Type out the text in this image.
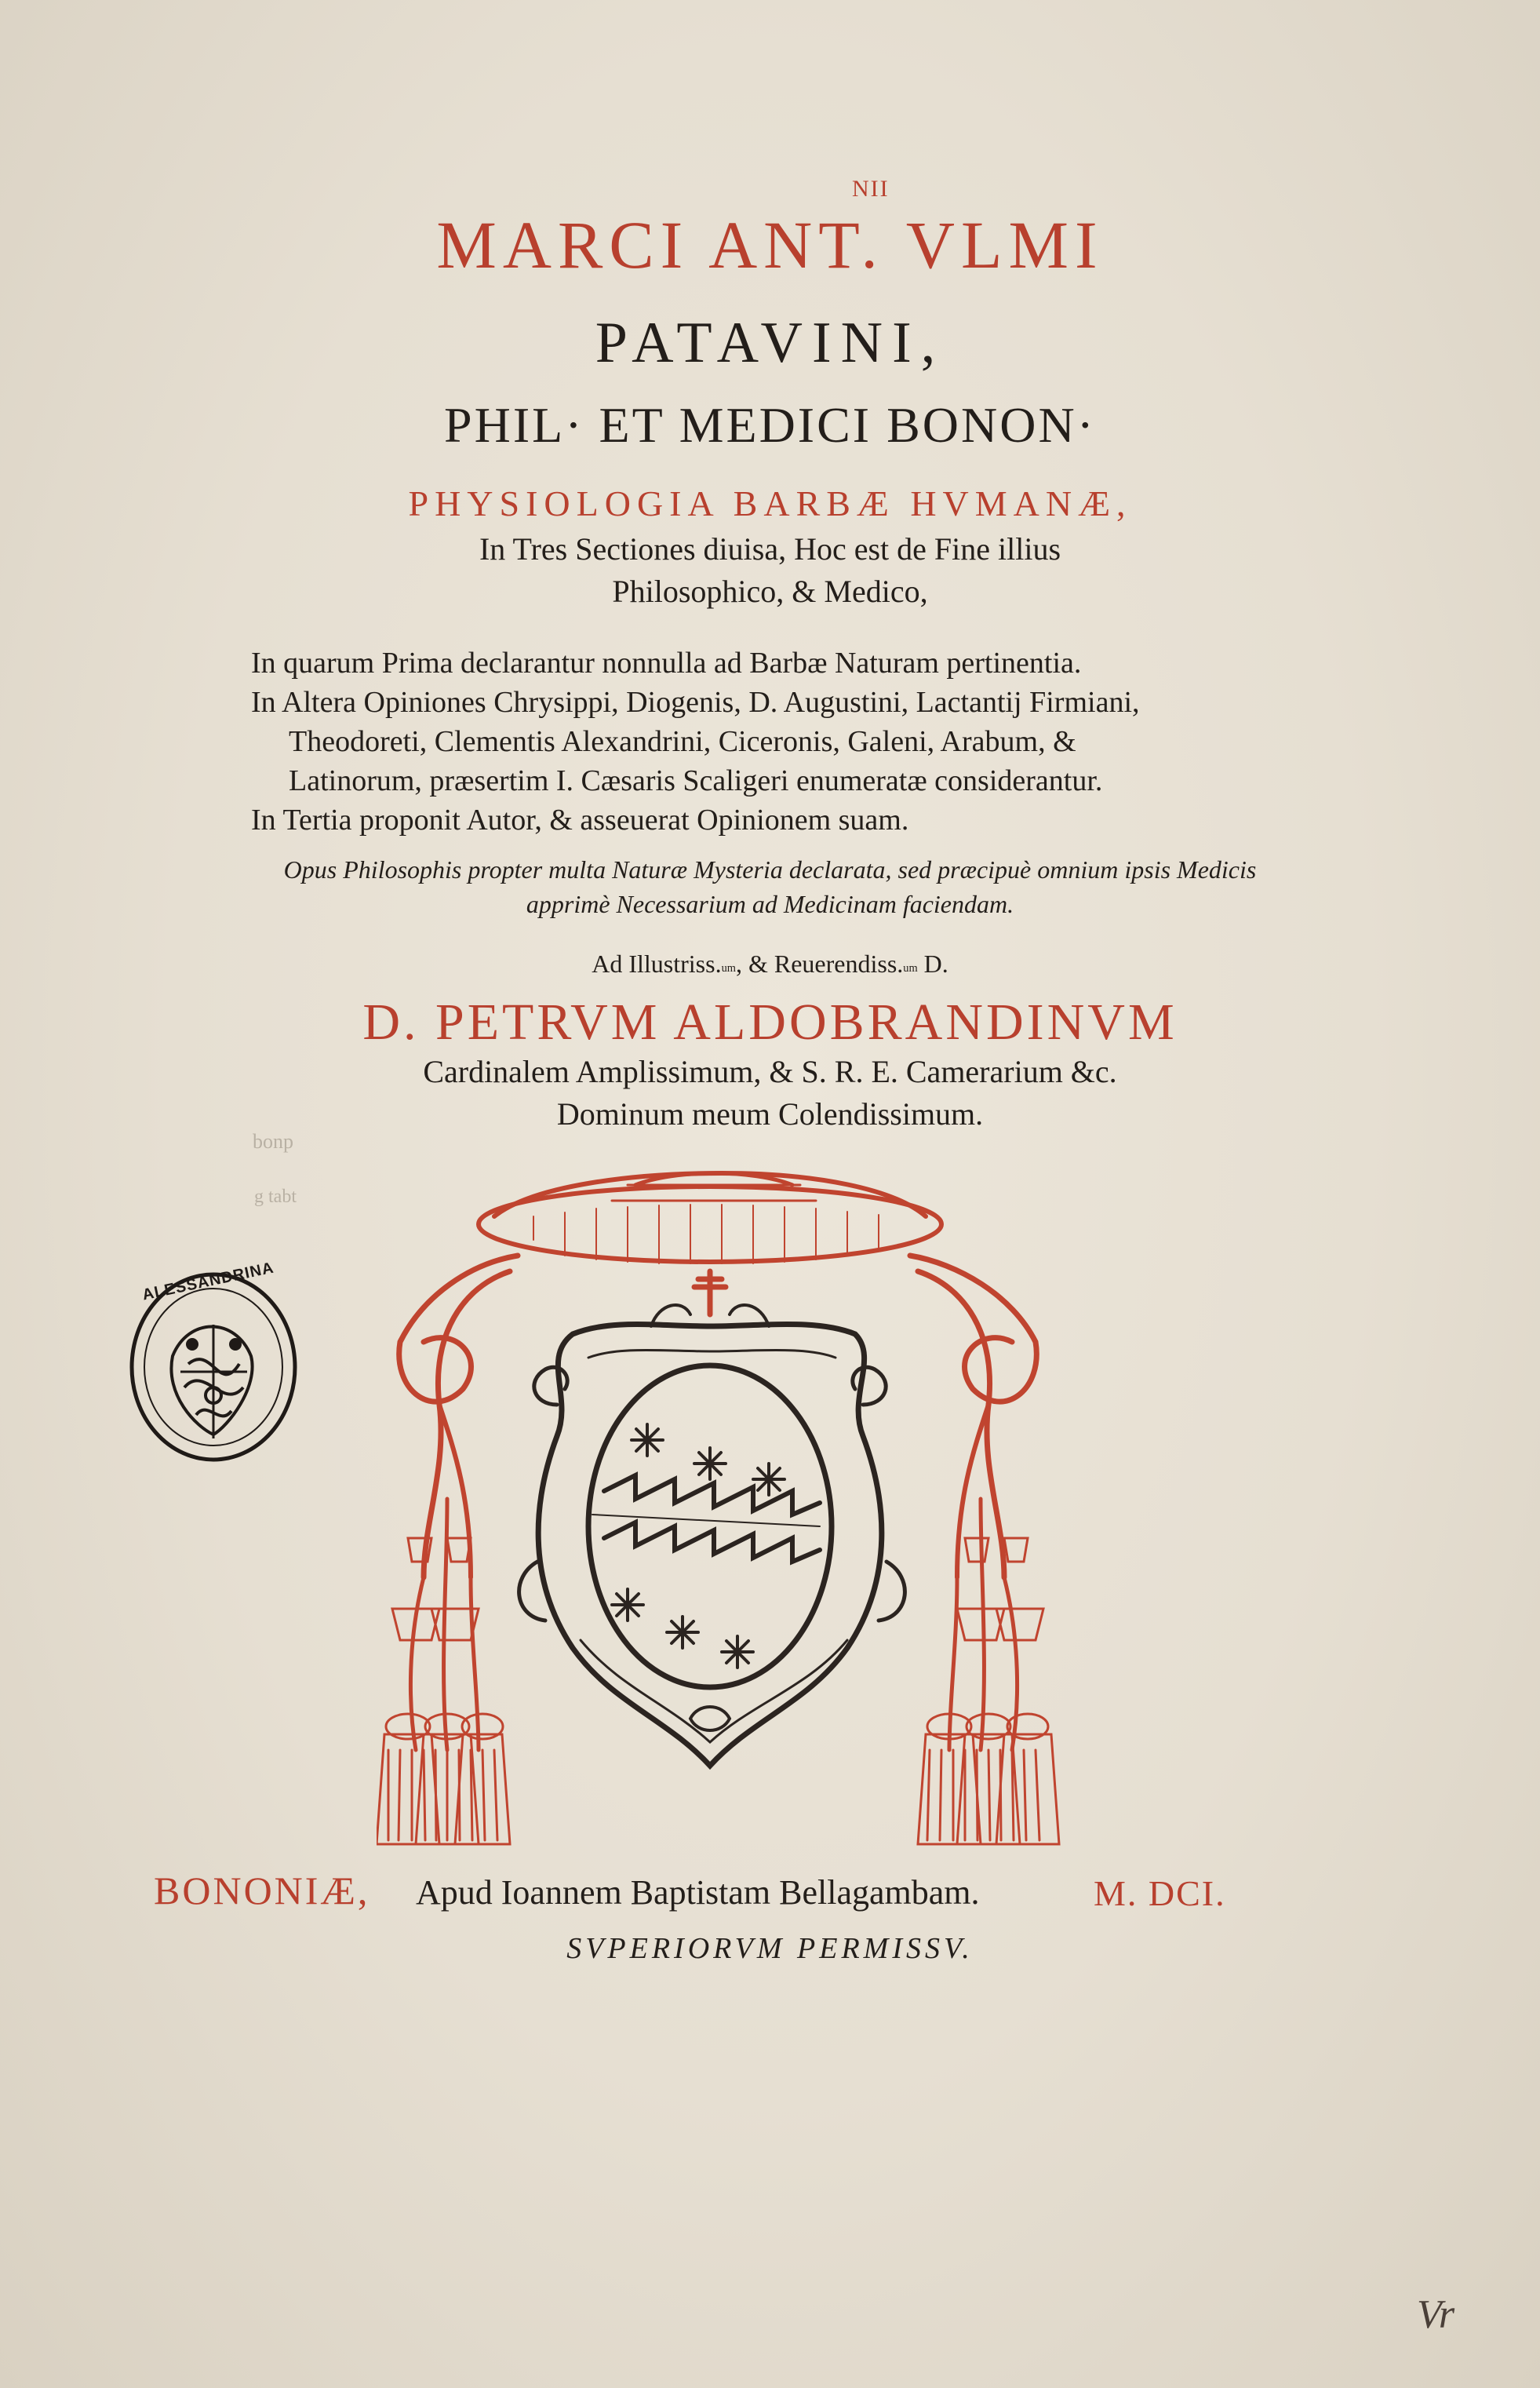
bonp
g tabt
NII
MARCI ANT. VLMI
PATAVINI,
PHIL· ET MEDICI BONON·
PHYSIOLOGIA BARBÆ HVMANÆ,
In Tres Sectiones diuisa, Hoc est de Fine illius
Philosophico, & Medico,
In quarum Prima declarantur nonnulla ad Barbæ Naturam pertinentia.
In Altera Opiniones Chrysippi, Diogenis, D. Augustini, Lactantij Firmiani,
Theodoreti, Clementis Alexandrini, Ciceronis, Galeni, Arabum, &
Latinorum, præsertim I. Cæsaris Scaligeri enumeratæ considerantur.
In Tertia proponit Autor, & asseuerat Opinionem suam.
Opus Philosophis propter multa Naturæ Mysteria declarata, sed præcipuè omnium ipsis Medicis
apprimè Necessarium ad Medicinam faciendam.
Ad Illustriss.$^{um}$, & Reuerendiss.$^{um}$ D.
D. PETRVM ALDOBRANDINVM
Cardinalem Amplissimum, & S. R. E. Camerarium &c.
Dominum meum Colendissimum.
ALESSANDRINA
BONONIÆ, Apud Ioannem Baptistam Bellagambam.	M. DCI.
SVPERIORVM PERMISSV.
Vr
